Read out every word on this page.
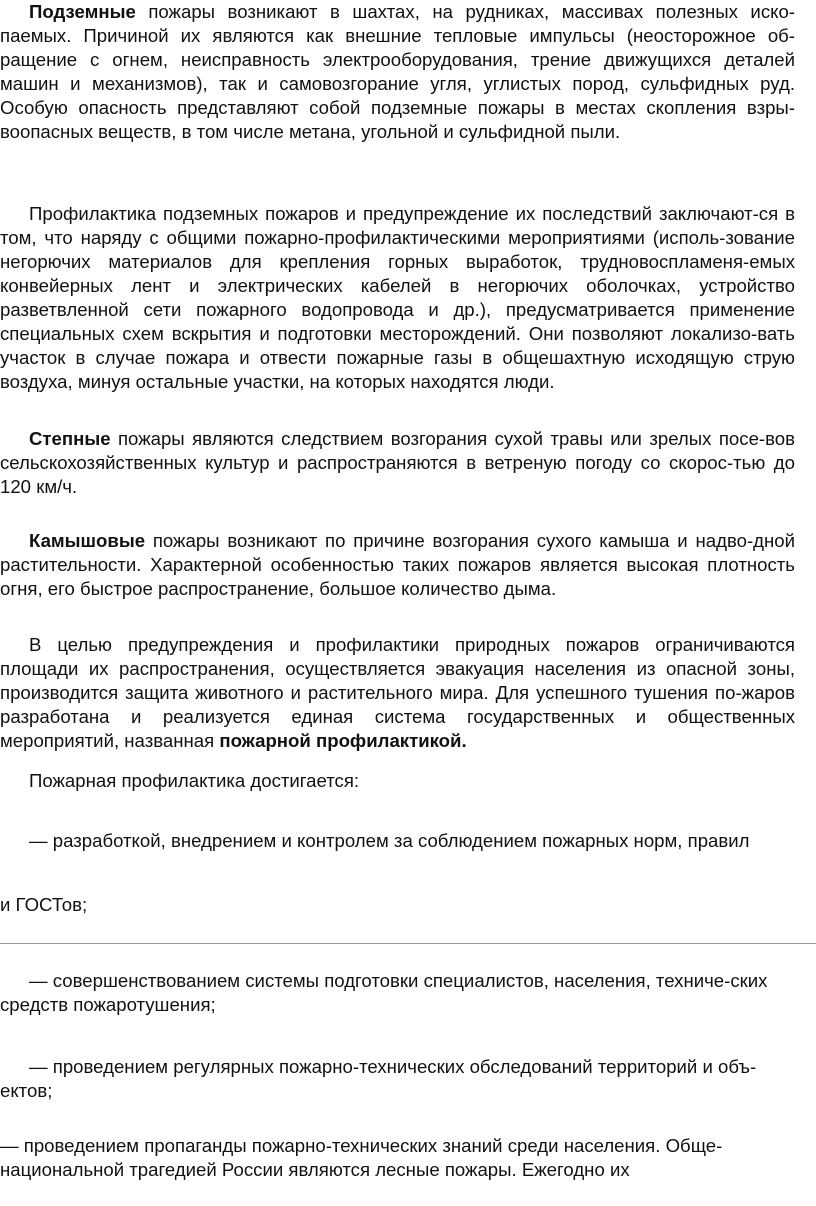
Подземные пожары возникают в шахтах, на рудниках, массивах полезных иско-паемых. Причиной их являются как внешние тепловые импульсы (неосторожное об-ращение с огнем, неисправность электрооборудования, трение движущихся деталей машин и механизмов), так и самовозгорание угля, углистых пород, сульфидных руд. Особую опасность представляют собой подземные пожары в местах скопления взры-воопасных веществ, в том числе метана, угольной и сульфидной пыли.

Профилактика подземных пожаров и предупреждение их последствий заключают-ся в том, что наряду с общими пожарно-профилактическими мероприятиями (исполь-зование негорючих материалов для крепления горных выработок, трудновоспламеня-емых конвейерных лент и электрических кабелей в негорючих оболочках, устройство разветвленной сети пожарного водопровода и др.), предусматривается применение специальных схем вскрытия и подготовки месторождений. Они позволяют локализо-вать участок в случае пожара и отвести пожарные газы в общешахтную исходящую струю воздуха, минуя остальные участки, на которых находятся люди.

Степные пожары являются следствием возгорания сухой травы или зрелых посе-вов сельскохозяйственных культур и распространяются в ветреную погоду со скорос-тью до 120 км/ч.

Камышовые пожары возникают по причине возгорания сухого камыша и надво-дной растительности. Характерной особенностью таких пожаров является высокая плотность огня, его быстрое распространение, большое количество дыма.

В целью предупреждения и профилактики природных пожаров ограничиваются площади их распространения, осуществляется эвакуация населения из опасной зоны, производится защита животного и растительного мира. Для успешного тушения по-жаров разработана и реализуется единая система государственных и общественных мероприятий, названная пожарной профилактикой.

Пожарная профилактика достигается:

— разработкой, внедрением и контролем за соблюдением пожарных норм, правил

и ГОСТов;

— совершенствованием системы подготовки специалистов, населения, техниче-ских средств пожаротушения;

— проведением регулярных пожарно-технических обследований территорий и объ-ектов;

— проведением пропаганды пожарно-технических знаний среди населения. Обще-национальной трагедией России являются лесные пожары. Ежегодно их
